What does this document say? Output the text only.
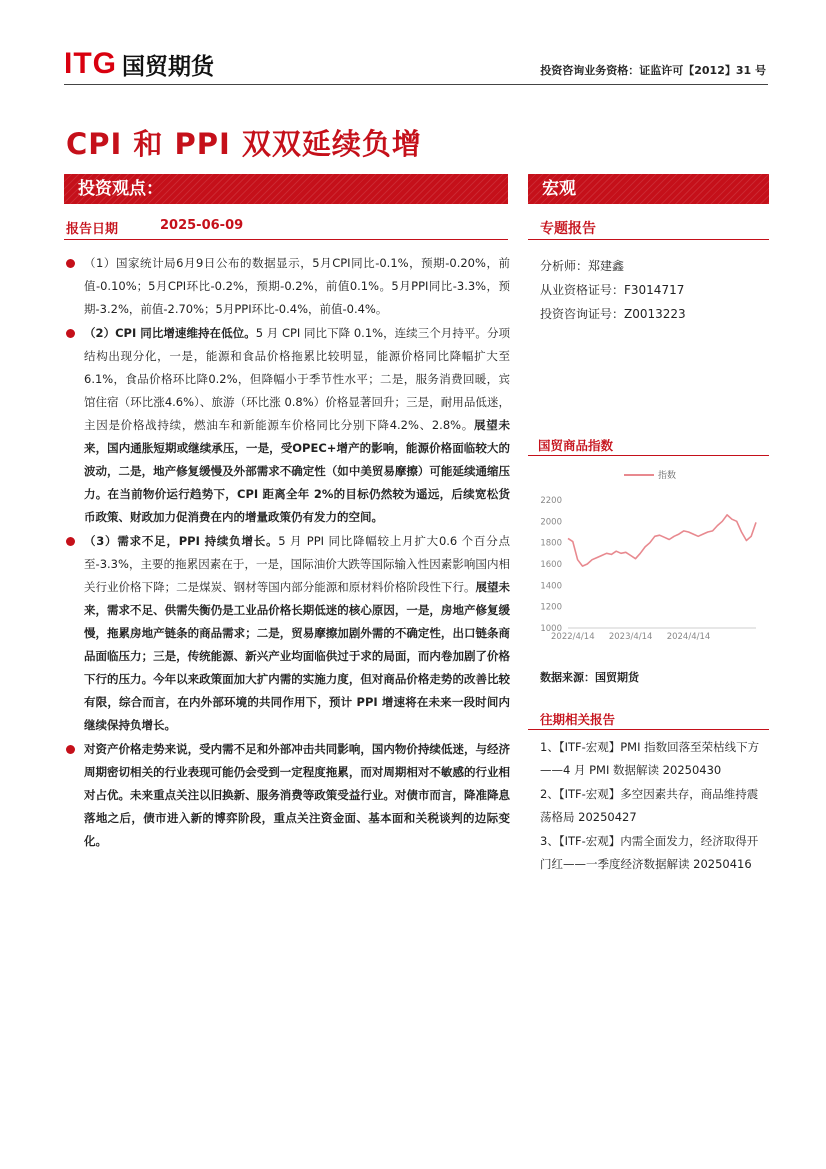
ITG 国贸期货	投资咨询业务资格：证监许可【2012】31 号
CPI 和 PPI 双双延续负增
投资观点：	宏观
报告日期	2025-06-09	专题报告
（1）国家统计局6月9日公布的数据显示，5月CPI同比-0.1%，预期-0.20%，前值-0.10%；5月CPI环比-0.2%，预期-0.2%，前值0.1%。5月PPI同比-3.3%，预期-3.2%，前值-2.70%；5月PPI环比-0.4%，前值-0.4%。
（2）CPI 同比增速维持在低位。5 月 CPI 同比下降 0.1%，连续三个月持平。分项结构出现分化，一是，能源和食品价格拖累比较明显，能源价格同比降幅扩大至6.1%，食品价格环比降0.2%，但降幅小于季节性水平；二是，服务消费回暖，宾馆住宿（环比涨4.6%）、旅游（环比涨 0.8%）价格显著回升；三是，耐用品低迷，主因是价格战持续，燃油车和新能源车价格同比分别下降4.2%、2.8%。展望未来，国内通胀短期或继续承压，一是，受OPEC+增产的影响，能源价格面临较大的波动，二是，地产修复缓慢及外部需求不确定性（如中美贸易摩擦）可能延续通缩压力。在当前物价运行趋势下，CPI 距离全年 2%的目标仍然较为遥远，后续宽松货币政策、财政加力促消费在内的增量政策仍有发力的空间。
（3）需求不足，PPI 持续负增长。5 月 PPI 同比降幅较上月扩大0.6 个百分点至-3.3%，主要的拖累因素在于，一是，国际油价大跌等国际输入性因素影响国内相关行业价格下降；二是煤炭、钢材等国内部分能源和原材料价格阶段性下行。展望未来，需求不足、供需失衡仍是工业品价格长期低迷的核心原因，一是，房地产修复缓慢，拖累房地产链条的商品需求；二是，贸易摩擦加剧外需的不确定性，出口链条商品面临压力；三是，传统能源、新兴产业均面临供过于求的局面，而内卷加剧了价格下行的压力。今年以来政策面加大扩内需的实施力度，但对商品价格走势的改善比较有限，综合而言，在内外部环境的共同作用下，预计 PPI 增速将在未来一段时间内继续保持负增长。
对资产价格走势来说，受内需不足和外部冲击共同影响，国内物价持续低迷，与经济周期密切相关的行业表现可能仍会受到一定程度拖累，而对周期相对不敏感的行业相对占优。未来重点关注以旧换新、服务消费等政策受益行业。对债市而言，降准降息落地之后，债市进入新的博弈阶段，重点关注资金面、基本面和关税谈判的边际变化。
分析师：郑建鑫
从业资格证号：F3014717
投资咨询证号：Z0013223
国贸商品指数
1000
1200
1400
1600
1800
2000
2200
2022/4/14 2023/4/14 2024/4/14
指数
数据来源：国贸期货
往期相关报告
1、【ITF-宏观】PMI 指数回落至荣枯线下方——4 月 PMI 数据解读 20250430
2、【ITF-宏观】多空因素共存，商品维持震荡格局 20250427
3、【ITF-宏观】内需全面发力，经济取得开门红——一季度经济数据解读 20250416
